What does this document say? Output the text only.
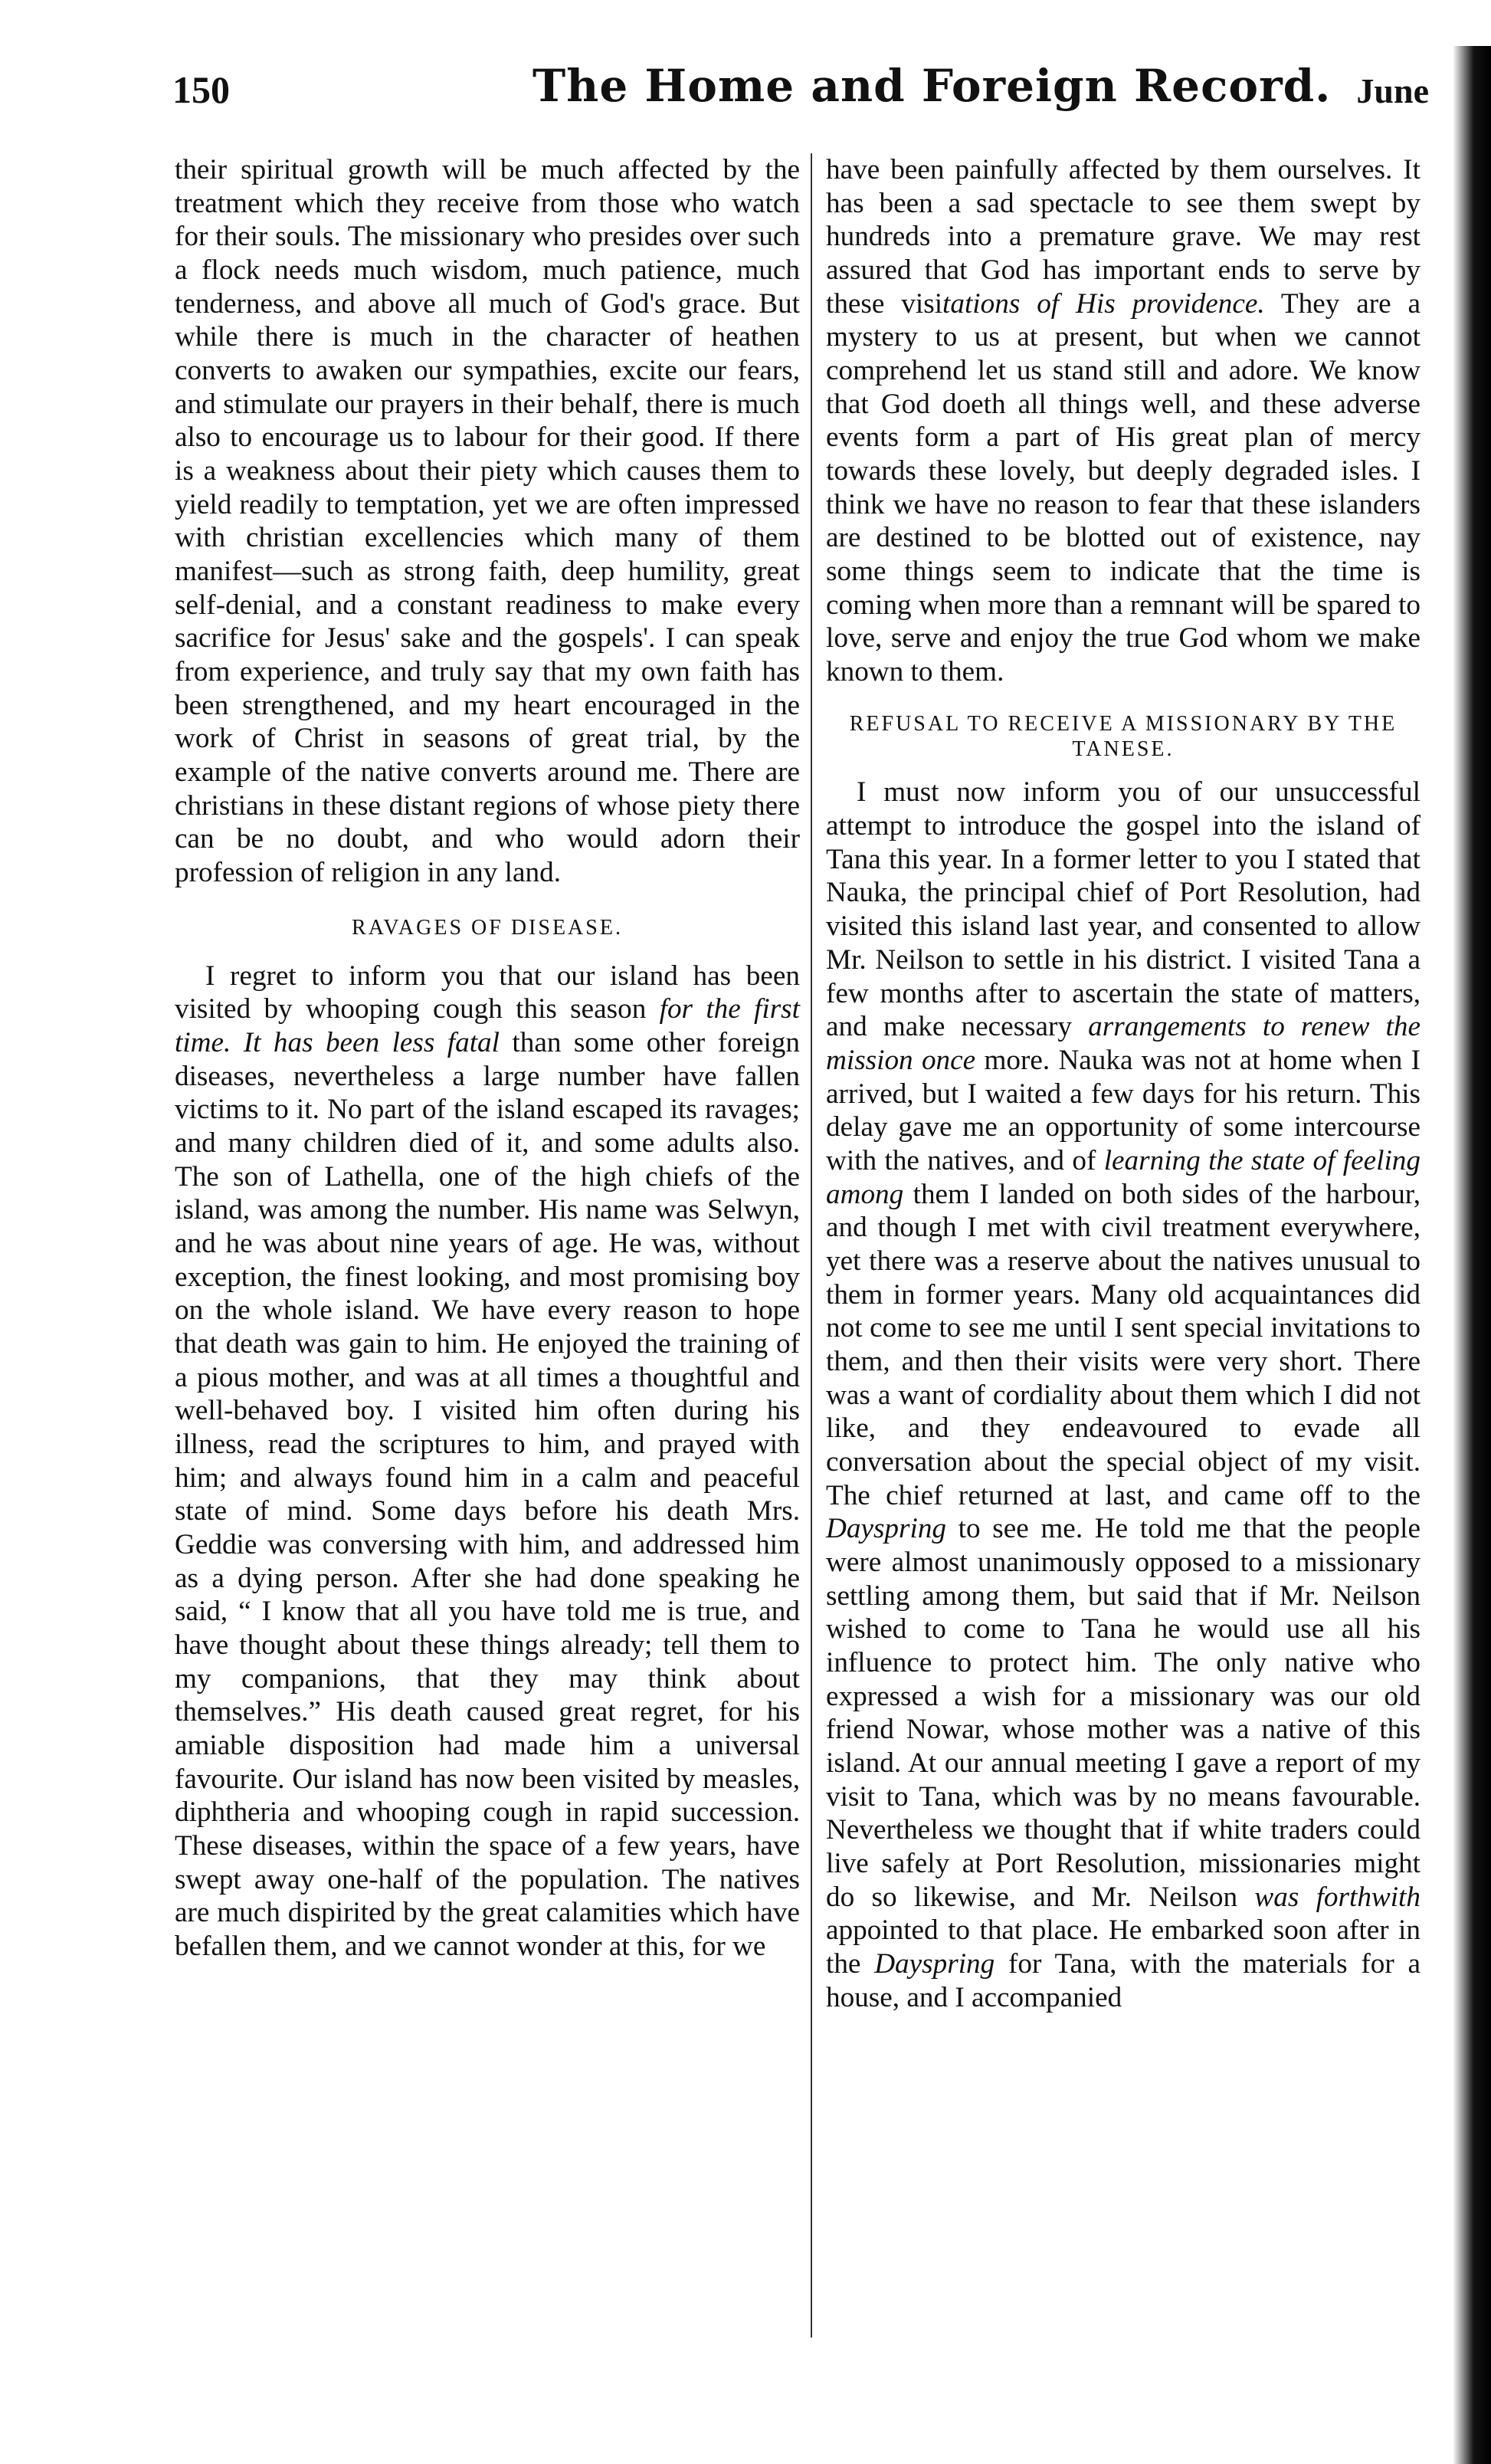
150	The Home and Foreign Record. June

their spiritual growth will be much affected by the treatment which they receive from those who watch for their souls. The missionary who presides over such a flock needs much wisdom, much patience, much tenderness, and above all much of God's grace. But while there is much in the character of heathen converts to awaken our sympathies, excite our fears, and stimulate our prayers in their behalf, there is much also to encourage us to labour for their good. If there is a weakness about their piety which causes them to yield readily to temptation, yet we are often impressed with christian excellencies which many of them manifest—such as strong faith, deep humility, great self-denial, and a constant readiness to make every sacrifice for Jesus' sake and the gospels'. I can speak from experience, and truly say that my own faith has been strengthened, and my heart encouraged in the work of Christ in seasons of great trial, by the example of the native converts around me. There are christians in these distant regions of whose piety there can be no doubt, and who would adorn their profession of religion in any land.

RAVAGES OF DISEASE.

I regret to inform you that our island has been visited by whooping cough this season for the first time. It has been less fatal than some other foreign diseases, nevertheless a large number have fallen victims to it. No part of the island escaped its ravages; and many children died of it, and some adults also. The son of Lathella, one of the high chiefs of the island, was among the number. His name was Selwyn, and he was about nine years of age. He was, without exception, the finest looking, and most promising boy on the whole island. We have every reason to hope that death was gain to him. He enjoyed the training of a pious mother, and was at all times a thoughtful and well-behaved boy. I visited him often during his illness, read the scriptures to him, and prayed with him; and always found him in a calm and peaceful state of mind. Some days before his death Mrs. Geddie was conversing with him, and addressed him as a dying person. After she had done speaking he said, “ I know that all you have told me is true, and have thought about these things already; tell them to my companions, that they may think about themselves.” His death caused great regret, for his amiable disposition had made him a universal favourite. Our island has now been visited by measles, diphtheria and whooping cough in rapid succession. These diseases, within the space of a few years, have swept away one-half of the population. The natives are much dispirited by the great calamities which have befallen them, and we cannot wonder at this, for we

have been painfully affected by them ourselves. It has been a sad spectacle to see them swept by hundreds into a premature grave. We may rest assured that God has important ends to serve by these visitations of His providence. They are a mystery to us at present, but when we cannot comprehend let us stand still and adore. We know that God doeth all things well, and these adverse events form a part of His great plan of mercy towards these lovely, but deeply degraded isles. I think we have no reason to fear that these islanders are destined to be blotted out of existence, nay some things seem to indicate that the time is coming when more than a remnant will be spared to love, serve and enjoy the true God whom we make known to them.

REFUSAL TO RECEIVE A MISSIONARY BY THE TANESE.

I must now inform you of our unsuccessful attempt to introduce the gospel into the island of Tana this year. In a former letter to you I stated that Nauka, the principal chief of Port Resolution, had visited this island last year, and consented to allow Mr. Neilson to settle in his district. I visited Tana a few months after to ascertain the state of matters, and make necessary arrangements to renew the mission once more. Nauka was not at home when I arrived, but I waited a few days for his return. This delay gave me an opportunity of some intercourse with the natives, and of learning the state of feeling among them I landed on both sides of the harbour, and though I met with civil treatment everywhere, yet there was a reserve about the natives unusual to them in former years. Many old acquaintances did not come to see me until I sent special invitations to them, and then their visits were very short. There was a want of cordiality about them which I did not like, and they endeavoured to evade all conversation about the special object of my visit. The chief returned at last, and came off to the Dayspring to see me. He told me that the people were almost unanimously opposed to a missionary settling among them, but said that if Mr. Neilson wished to come to Tana he would use all his influence to protect him. The only native who expressed a wish for a missionary was our old friend Nowar, whose mother was a native of this island. At our annual meeting I gave a report of my visit to Tana, which was by no means favourable. Nevertheless we thought that if white traders could live safely at Port Resolution, missionaries might do so likewise, and Mr. Neilson was forthwith appointed to that place. He embarked soon after in the Dayspring for Tana, with the materials for a house, and I accompanied
